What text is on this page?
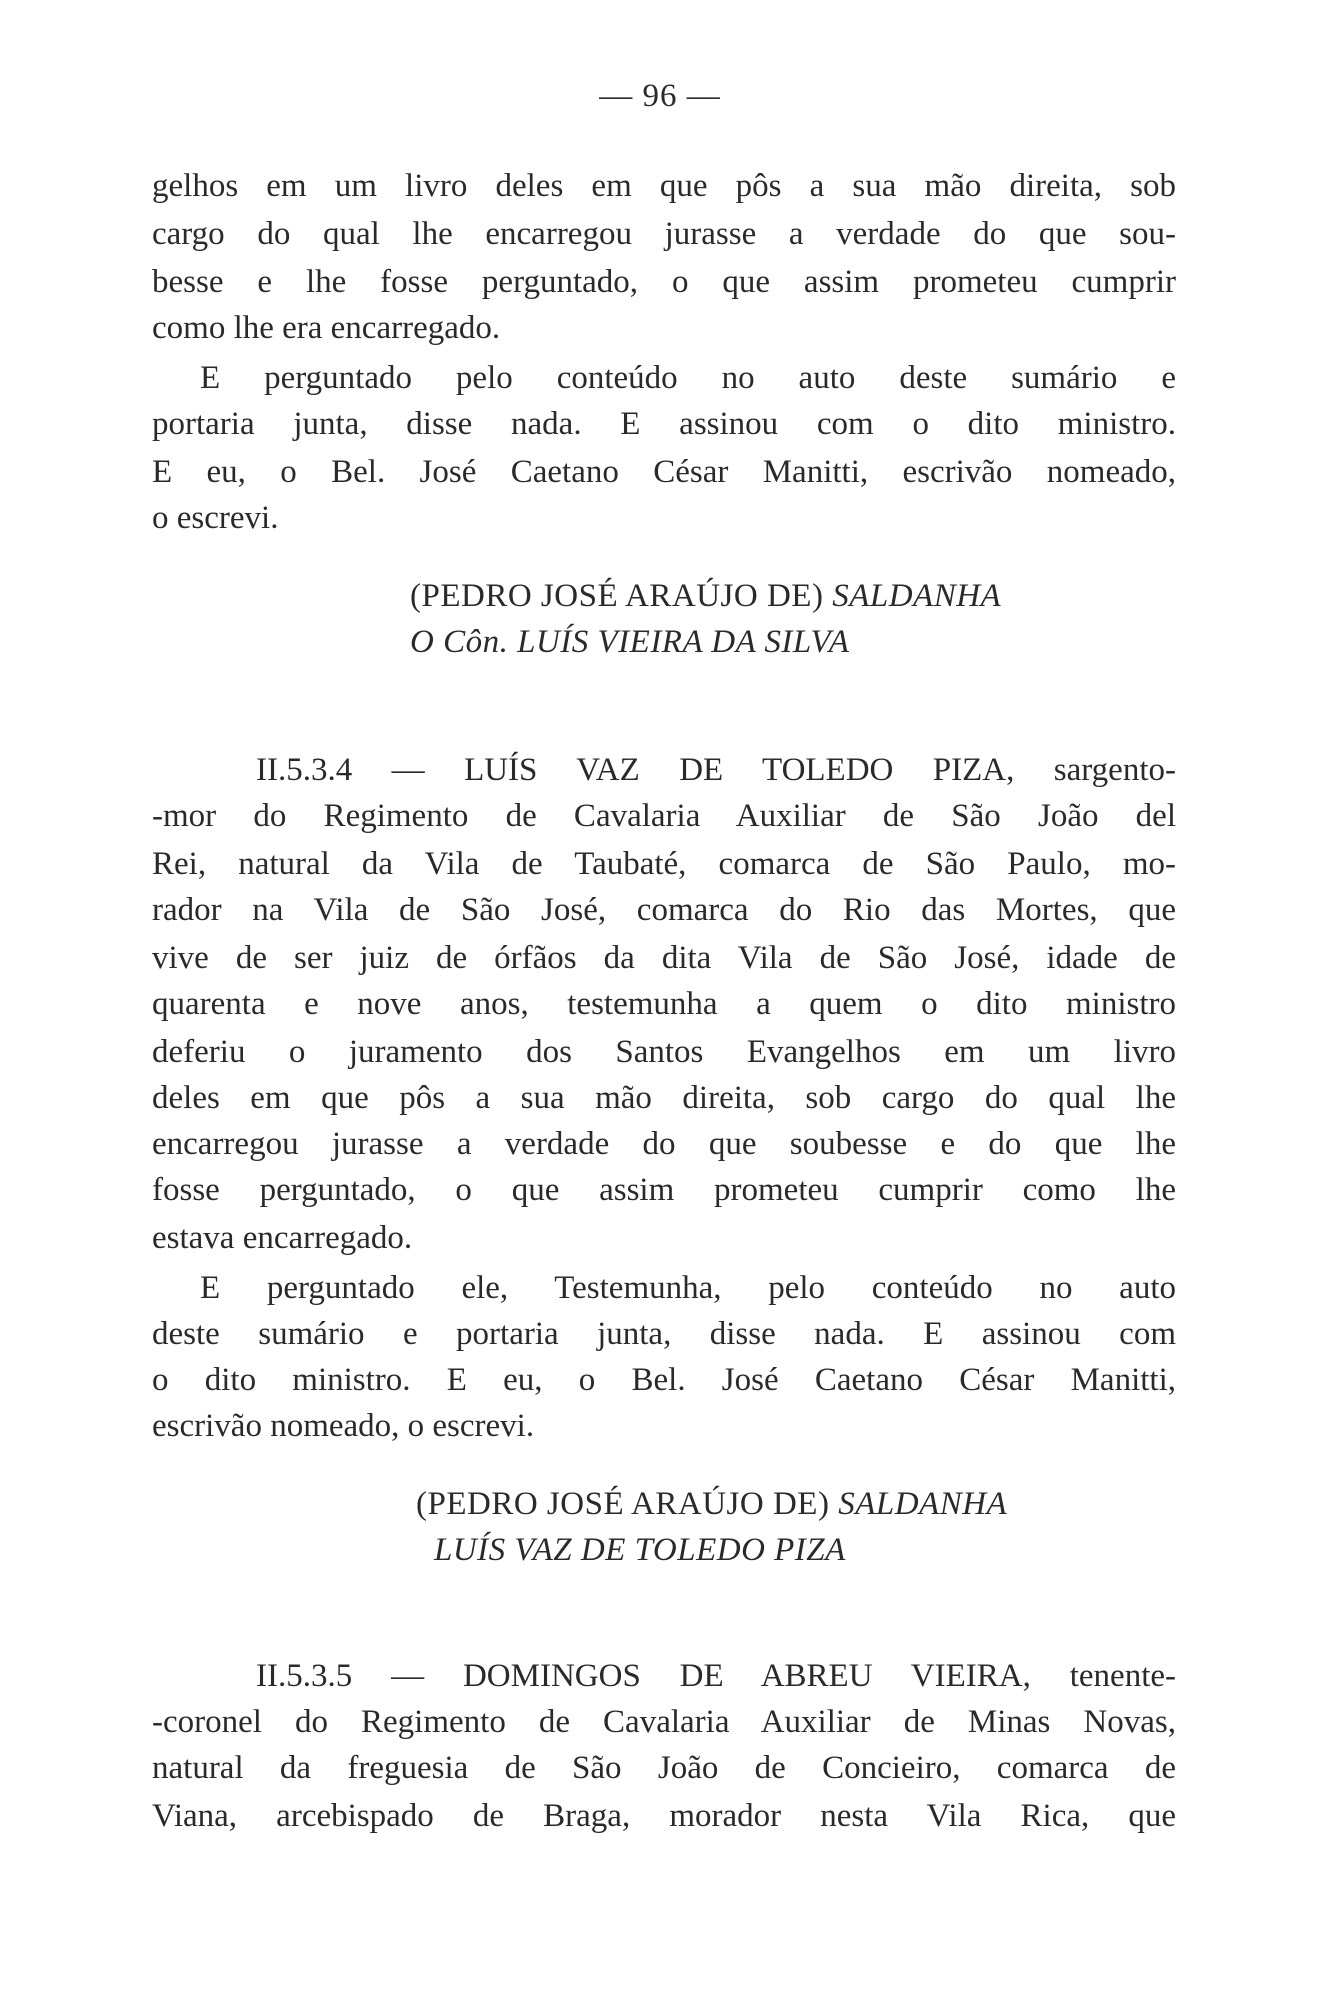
— 96 —
gelhos em um livro deles em que pôs a sua mão direita, sob
cargo do qual lhe encarregou jurasse a verdade do que sou-
besse e lhe fosse perguntado, o que assim prometeu cumprir
como lhe era encarregado.
E perguntado pelo conteúdo no auto deste sumário e
portaria junta, disse nada. E assinou com o dito ministro.
E eu, o Bel. José Caetano César Manitti, escrivão nomeado,
o escrevi.
(PEDRO JOSÉ ARAÚJO DE) SALDANHA
O Côn. LUÍS VIEIRA DA SILVA
II.5.3.4 — LUÍS VAZ DE TOLEDO PIZA, sargento-
-mor do Regimento de Cavalaria Auxiliar de São João del
Rei, natural da Vila de Taubaté, comarca de São Paulo, mo-
rador na Vila de São José, comarca do Rio das Mortes, que
vive de ser juiz de órfãos da dita Vila de São José, idade de
quarenta e nove anos, testemunha a quem o dito ministro
deferiu o juramento dos Santos Evangelhos em um livro
deles em que pôs a sua mão direita, sob cargo do qual lhe
encarregou jurasse a verdade do que soubesse e do que lhe
fosse perguntado, o que assim prometeu cumprir como lhe
estava encarregado.
E perguntado ele, Testemunha, pelo conteúdo no auto
deste sumário e portaria junta, disse nada. E assinou com
o dito ministro. E eu, o Bel. José Caetano César Manitti,
escrivão nomeado, o escrevi.
(PEDRO JOSÉ ARAÚJO DE) SALDANHA
LUÍS VAZ DE TOLEDO PIZA
II.5.3.5 — DOMINGOS DE ABREU VIEIRA, tenente-
-coronel do Regimento de Cavalaria Auxiliar de Minas Novas,
natural da freguesia de São João de Concieiro, comarca de
Viana, arcebispado de Braga, morador nesta Vila Rica, que
